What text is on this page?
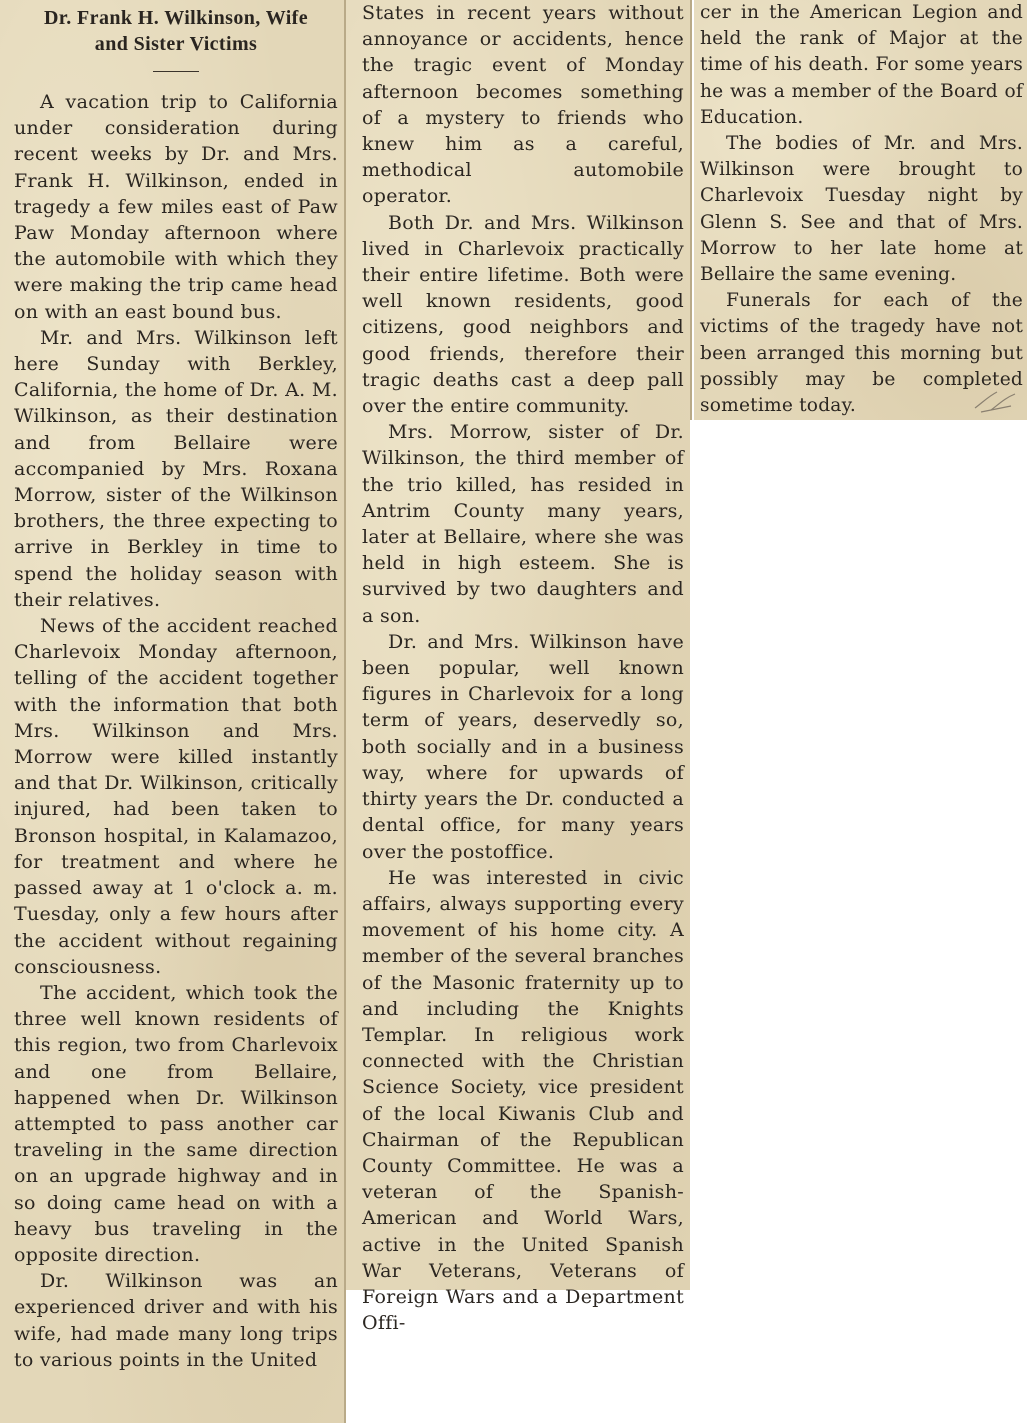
Dr. Frank H. Wilkinson, Wife
and Sister Victims

A vacation trip to California under consideration during recent weeks by Dr. and Mrs. Frank H. Wilkinson, ended in tragedy a few miles east of Paw Paw Monday afternoon where the automobile with which they were making the trip came head on with an east bound bus.

Mr. and Mrs. Wilkinson left here Sunday with Berkley, California, the home of Dr. A. M. Wilkinson, as their destination and from Bellaire were accompanied by Mrs. Roxana Morrow, sister of the Wilkinson brothers, the three expecting to arrive in Berkley in time to spend the holiday season with their relatives.

News of the accident reached Charlevoix Monday afternoon, telling of the accident together with the information that both Mrs. Wilkinson and Mrs. Morrow were killed instantly and that Dr. Wilkinson, critically injured, had been taken to Bronson hospital, in Kalamazoo, for treatment and where he passed away at 1 o'clock a. m. Tuesday, only a few hours after the accident without regaining consciousness.

The accident, which took the three well known residents of this region, two from Charlevoix and one from Bellaire, happened when Dr. Wilkinson attempted to pass another car traveling in the same direction on an upgrade highway and in so doing came head on with a heavy bus traveling in the opposite direction.

Dr. Wilkinson was an experienced driver and with his wife, had made many long trips to various points in the United

States in recent years without annoyance or accidents, hence the tragic event of Monday afternoon becomes something of a mystery to friends who knew him as a careful, methodical automobile operator.

Both Dr. and Mrs. Wilkinson lived in Charlevoix practically their entire lifetime. Both were well known residents, good citizens, good neighbors and good friends, therefore their tragic deaths cast a deep pall over the entire community.

Mrs. Morrow, sister of Dr. Wilkinson, the third member of the trio killed, has resided in Antrim County many years, later at Bellaire, where she was held in high esteem. She is survived by two daughters and a son.

Dr. and Mrs. Wilkinson have been popular, well known figures in Charlevoix for a long term of years, deservedly so, both socially and in a business way, where for upwards of thirty years the Dr. conducted a dental office, for many years over the postoffice.

He was interested in civic affairs, always supporting every movement of his home city. A member of the several branches of the Masonic fraternity up to and including the Knights Templar. In religious work connected with the Christian Science Society, vice president of the local Kiwanis Club and Chairman of the Republican County Committee. He was a veteran of the Spanish-American and World Wars, active in the United Spanish War Veterans, Veterans of Foreign Wars and a Department Offi-

cer in the American Legion and held the rank of Major at the time of his death. For some years he was a member of the Board of Education.

The bodies of Mr. and Mrs. Wilkinson were brought to Charlevoix Tuesday night by Glenn S. See and that of Mrs. Morrow to her late home at Bellaire the same evening.

Funerals for each of the victims of the tragedy have not been arranged this morning but possibly may be completed sometime today.
